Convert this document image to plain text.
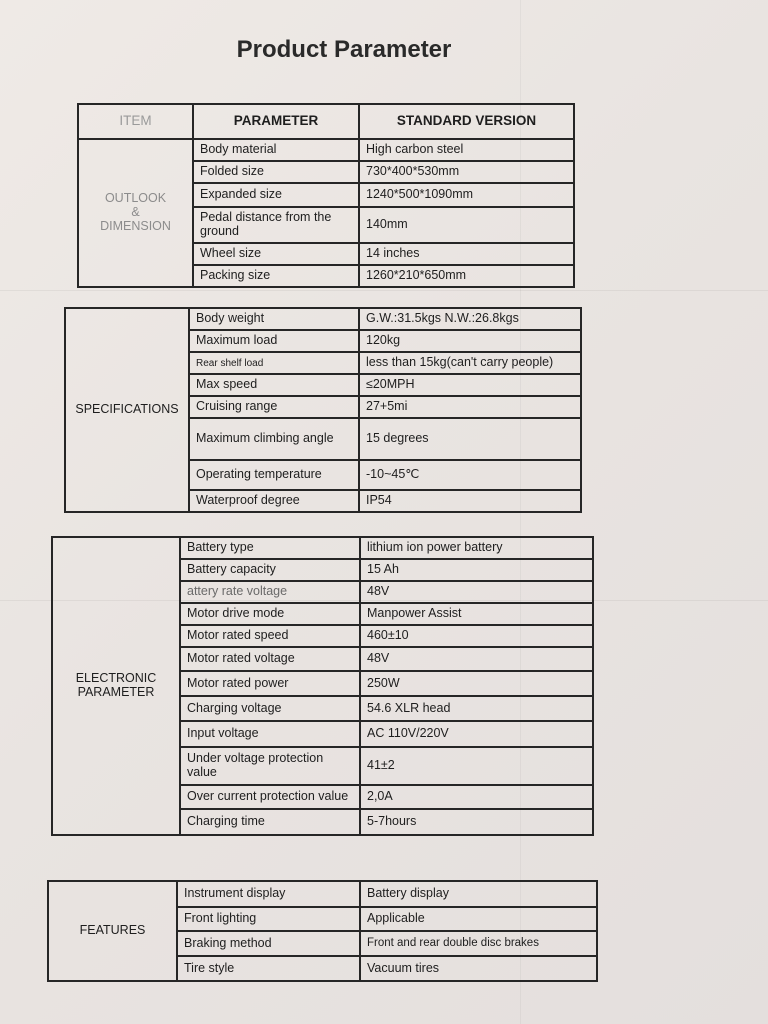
Product Parameter
ITEM	PARAMETER	STANDARD VERSION

OUTLOOK
&
DIMENSION	Body material	High carbon steel
	Folded size	730*400*530mm
	Expanded size	1240*500*1090mm
	Pedal distance from the ground	140mm
	Wheel size	14 inches
	Packing size	1260*210*650mm
SPECIFICATIONS	Body weight	G.W.:31.5kgs N.W.:26.8kgs
	Maximum load	120kg
	Rear shelf load	less than 15kg(can't carry people)
	Max speed	≤20MPH
	Cruising range	27+5mi
	Maximum climbing angle	15 degrees
	Operating temperature	-10~45℃
	Waterproof degree	IP54
ELECTRONIC
PARAMETER	Battery type	lithium ion power battery
	Battery capacity	15 Ah
	attery rate voltage	48V
	Motor drive mode	Manpower Assist
	Motor rated speed	460±10
	Motor rated voltage	48V
	Motor rated power	250W
	Charging voltage	54.6 XLR head
	Input voltage	AC 110V/220V
	Under voltage protection value	41±2
	Over current protection value	2,0A
	Charging time	5-7hours
FEATURES	Instrument display	Battery display
	Front lighting	Applicable
	Braking method	Front and rear double disc brakes
	Tire style	Vacuum tires
